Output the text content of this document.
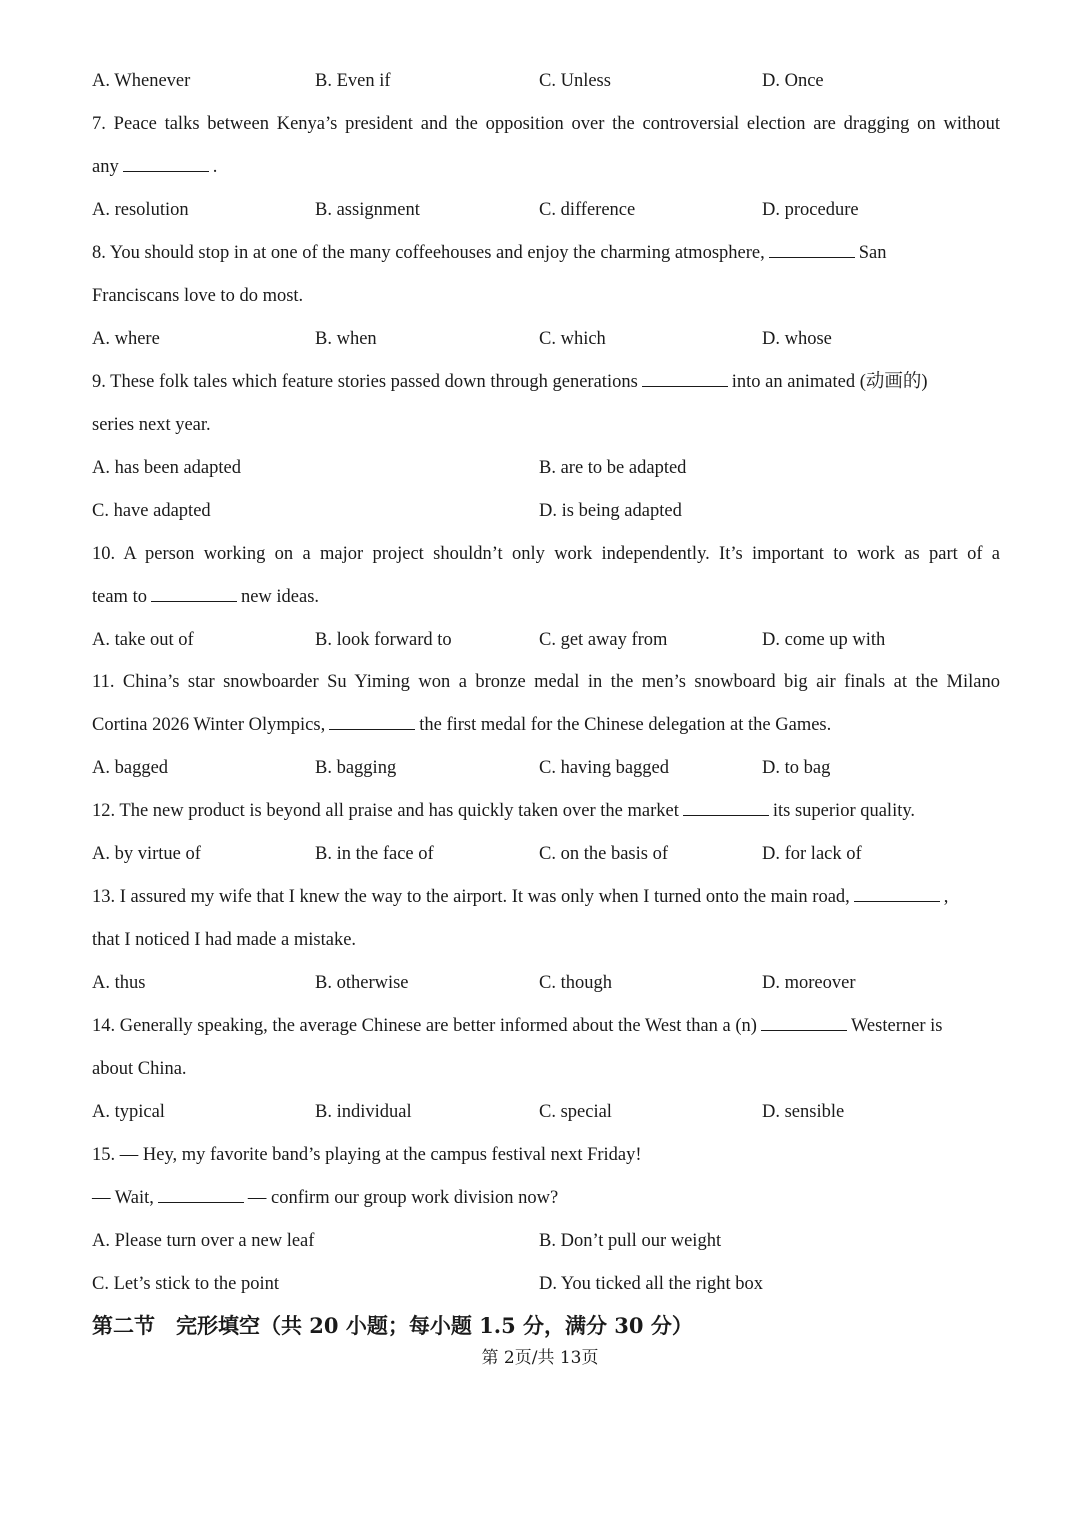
A. Whenever	B. Even if	C. Unless	D. Once
7. Peace talks between Kenya’s president and the opposition over the controversial election are dragging on without
any	.
A. resolution	B. assignment	C. difference	D. procedure
8. You should stop in at one of the many coffeehouses and enjoy the charming atmosphere,	San
Franciscans love to do most.
A. where	B. when	C. which	D. whose
9. These folk tales which feature stories passed down through generations	into an animated (动画的)
series next year.
A. has been adapted	B. are to be adapted
C. have adapted	D. is being adapted
10. A person working on a major project shouldn’t only work independently. It’s important to work as part of a
team to	new ideas.
A. take out of	B. look forward to	C. get away from	D. come up with
11. China’s star snowboarder Su Yiming won a bronze medal in the men’s snowboard big air finals at the Milano
Cortina 2026 Winter Olympics,	the first medal for the Chinese delegation at the Games.
A. bagged	B. bagging	C. having bagged	D. to bag
12. The new product is beyond all praise and has quickly taken over the market	its superior quality.
A. by virtue of	B. in the face of	C. on the basis of	D. for lack of
13. I assured my wife that I knew the way to the airport. It was only when I turned onto the main road,	,
that I noticed I had made a mistake.
A. thus	B. otherwise	C. though	D. moreover
14. Generally speaking, the average Chinese are better informed about the West than a (n)	Westerner is
about China.
A. typical	B. individual	C. special	D. sensible
15. — Hey, my favorite band’s playing at the campus festival next Friday!
— Wait,	— confirm our group work division now?
A. Please turn over a new leaf	B. Don’t pull our weight
C. Let’s stick to the point	D. You ticked all the right box
第二节　完形填空（共 20 小题；每小题 1.5 分，满分 30 分）
第 2页/共 13页
